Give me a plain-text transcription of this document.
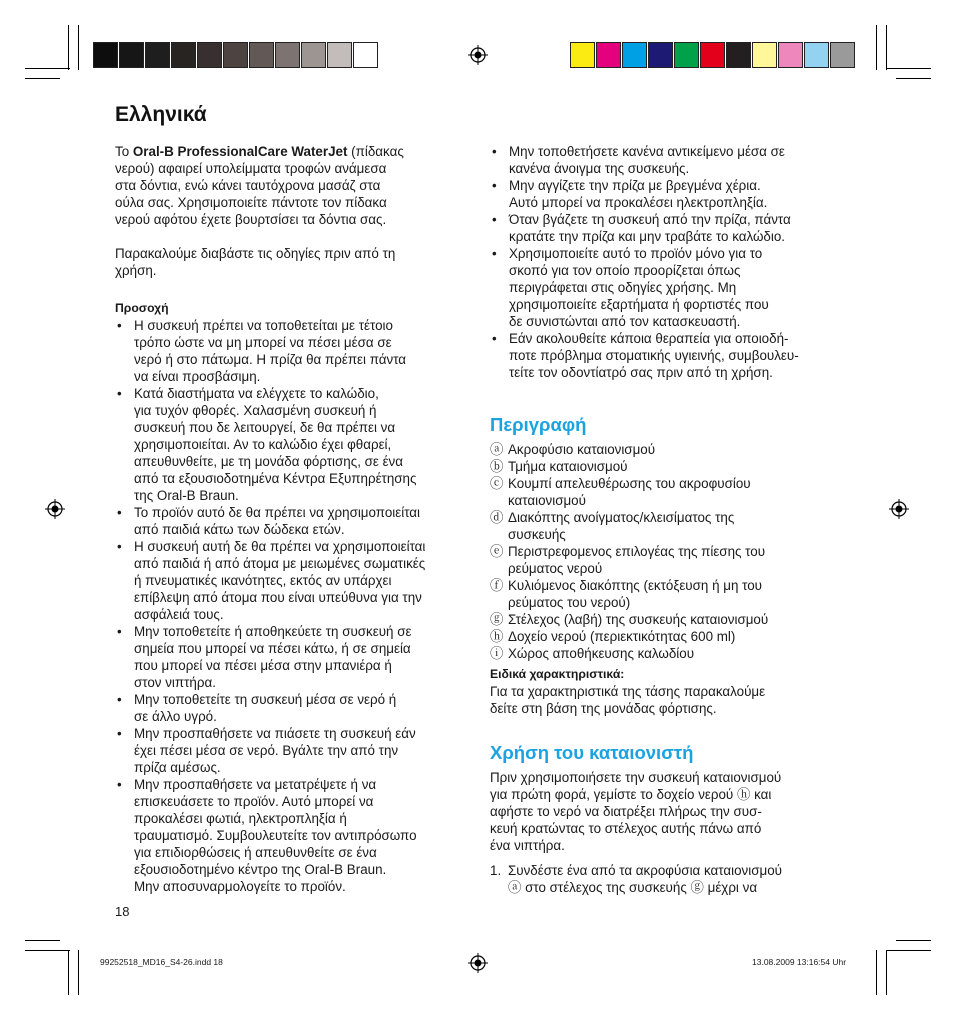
Ελληνικά

Το Oral-B ProfessionalCare WaterJet (πίδακας
νερού) αφαιρεί υπολείμματα τροφών ανάμεσα
στα δόντια, ενώ κάνει ταυτόχρονα μασάζ στα
ούλα σας. Χρησιμοποιείτε πάντοτε τον πίδακα
νερού αφότου έχετε βουρτσίσει τα δόντια σας.

Παρακαλούμε διαβάστε τις οδηγίες πριν από τη
χρήση.

Προσοχή
• Η συσκευή πρέπει να τοποθετείται με τέτοιο
τρόπο ώστε να μη μπορεί να πέσει μέσα σε
νερό ή στο πάτωμα. Η πρίζα θα πρέπει πάντα
να είναι προσβάσιμη.
• Κατά διαστήματα να ελέγχετε το καλώδιο,
για τυχόν φθορές. Χαλασμένη συσκευή ή
συσκευή που δε λειτουργεί, δε θα πρέπει να
χρησιμοποιείται. Αν το καλώδιο έχει φθαρεί,
απευθυνθείτε, με τη μονάδα φόρτισης, σε ένα
από τα εξουσιοδοτημένα Κέντρα Εξυπηρέτησης
της Oral-B Braun.
• Το προϊόν αυτό δε θα πρέπει να χρησιμοποιείται
από παιδιά κάτω των δώδεκα ετών.
• Η συσκευή αυτή δε θα πρέπει να χρησιμοποιείται
από παιδιά ή από άτομα με μειωμένες σωματικές
ή πνευματικές ικανότητες, εκτός αν υπάρχει
επίβλεψη από άτομα που είναι υπεύθυνα για την
ασφάλειά τους.
• Μην τοποθετείτε ή αποθηκεύετε τη συσκευή σε
σημεία που μπορεί να πέσει κάτω, ή σε σημεία
που μπορεί να πέσει μέσα στην μπανιέρα ή
στον νιπτήρα.
• Μην τοποθετείτε τη συσκευή μέσα σε νερό ή
σε άλλο υγρό.
• Μην προσπαθήσετε να πιάσετε τη συσκευή εάν
έχει πέσει μέσα σε νερό. Βγάλτε την από την
πρίζα αμέσως.
• Μην προσπαθήσετε να μετατρέψετε ή να
επισκευάσετε το προϊόν. Αυτό μπορεί να
προκαλέσει φωτιά, ηλεκτροπληξία ή
τραυματισμό. Συμβουλευτείτε τον αντιπρόσωπο
για επιδιορθώσεις ή απευθυνθείτε σε ένα
εξουσιοδοτημένο κέντρο της Oral-B Braun.
Μην αποσυναρμολογείτε το προϊόν.
18
• Μην τοποθετήσετε κανένα αντικείμενο μέσα σε
κανένα άνοιγμα της συσκευής.
• Μην αγγίζετε την πρίζα με βρεγμένα χέρια.
Αυτό μπορεί να προκαλέσει ηλεκτροπληξία.
• Όταν βγάζετε τη συσκευή από την πρίζα, πάντα
κρατάτε την πρίζα και μην τραβάτε το καλώδιο.
• Χρησιμοποιείτε αυτό το προϊόν μόνο για το
σκοπό για τον οποίο προορίζεται όπως
περιγράφεται στις οδηγίες χρήσης. Μη
χρησιμοποιείτε εξαρτήματα ή φορτιστές που
δε συνιστώνται από τον κατασκευαστή.
• Εάν ακολουθείτε κάποια θεραπεία για οποιοδή-
ποτε πρόβλημα στοματικής υγιεινής, συμβουλευ-
τείτε τον οδοντίατρό σας πριν από τη χρήση.
Περιγραφή
ⓐ Ακροφύσιο καταιονισμού
ⓑ Τμήμα καταιονισμού
ⓒ Κουμπί απελευθέρωσης του ακροφυσίου
καταιονισμού
ⓓ Διακόπτης ανοίγματος/κλεισίματος της
συσκευής
ⓔ Περιστρεφομενος επιλογέας της πίεσης του
ρεύματος νερού
ⓕ Κυλιόμενος διακόπτης (εκτόξευση ή μη του
ρεύματος του νερού)
ⓖ Στέλεχος (λαβή) της συσκευής καταιονισμού
ⓗ Δοχείο νερού (περιεκτικότητας 600 ml)
ⓘ Χώρος αποθήκευσης καλωδίου
Ειδικά χαρακτηριστικά:

Για τα χαρακτηριστικά της τάσης παρακαλούμε
δείτε στη βάση της μονάδας φόρτισης.

Χρήση του καταιονιστή

Πριν χρησιμοποιήσετε την συσκευή καταιονισμού
για πρώτη φορά, γεμίστε το δοχείο νερού ⓗ και
αφήστε το νερό να διατρέξει πλήρως την συσ-
κευή κρατώντας το στέλεχος αυτής πάνω από
ένα νιπτήρα.

1. Συνδέστε ένα από τα ακροφύσια καταιονισμού
ⓐ στο στέλεχος της συσκευής ⓖ μέχρι να
99252518_MD16_S4-26.indd 18	13.08.2009 13:16:54 Uhr
